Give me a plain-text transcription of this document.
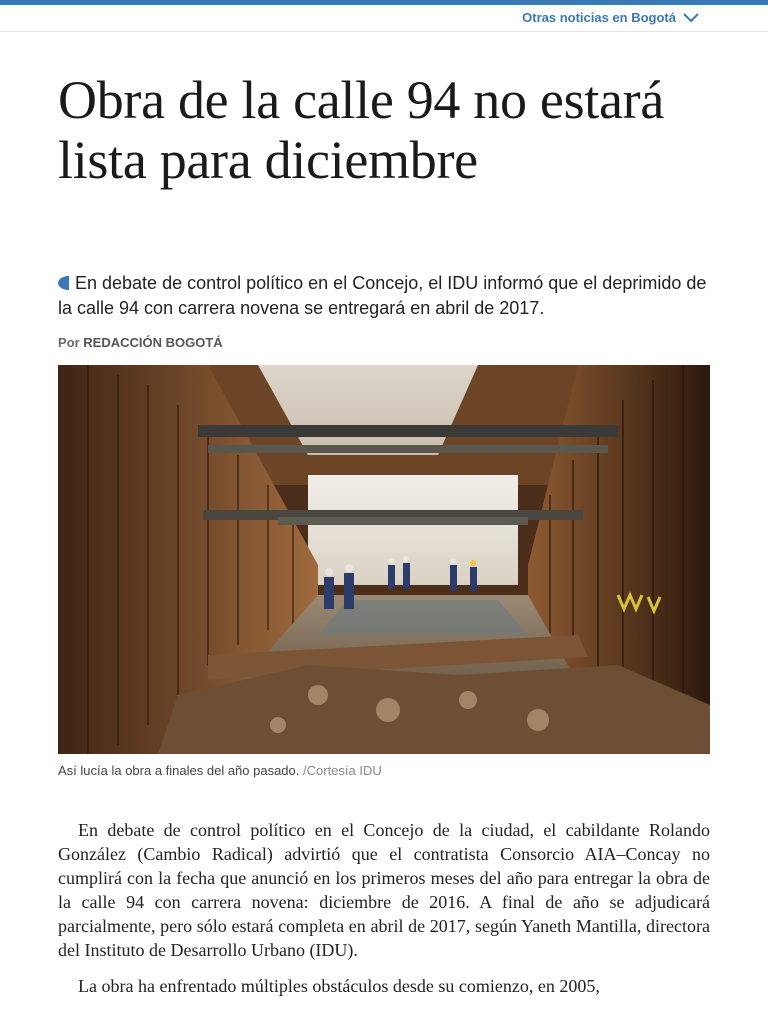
Otras noticias en Bogotá
Obra de la calle 94 no estará lista para diciembre

En debate de control político en el Concejo, el IDU informó que el deprimido de la calle 94 con carrera novena se entregará en abril de 2017.

Por REDACCIÓN BOGOTÁ
Así lucía la obra a finales del año pasado. /Cortesía IDU

En debate de control político en el Concejo de la ciudad, el cabildante Rolando González (Cambio Radical) advirtió que el contratista Consorcio AIA–Concay no cumplirá con la fecha que anunció en los primeros meses del año para entregar la obra de la calle 94 con carrera novena: diciembre de 2016. A final de año se adjudicará parcialmente, pero sólo estará completa en abril de 2017, según Yaneth Mantilla, directora del Instituto de Desarrollo Urbano (IDU).

La obra ha enfrentado múltiples obstáculos desde su comienzo, en 2005,
